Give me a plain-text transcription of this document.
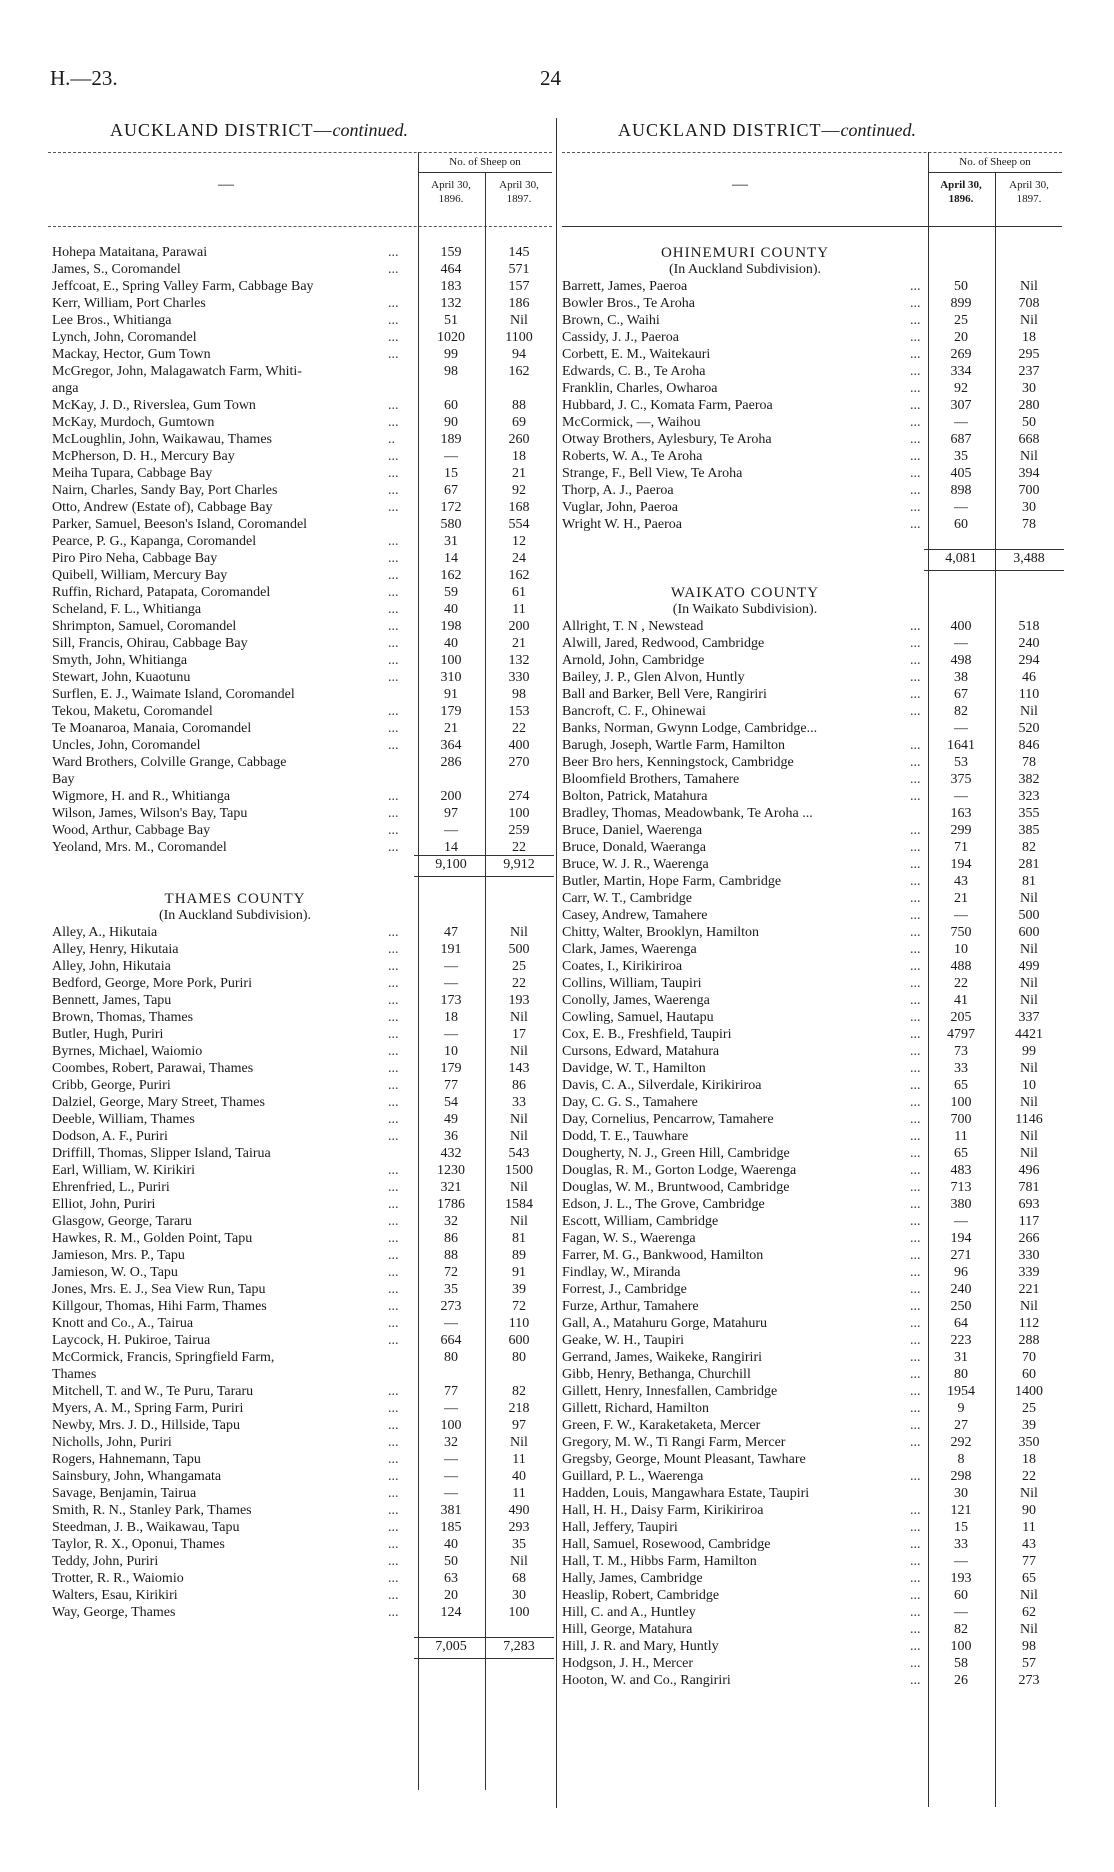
H.—23.	24
AUCKLAND DISTRICT—continued.	AUCKLAND DISTRICT—continued.
No. of Sheep on
April 30,
1896.
April 30,
1897.
—
No. of Sheep on
April 30,
1896.
April 30,
1897.
—
Hohepa Mataitana, Parawai	...	159	145
James, S., Coromandel	...	464	571
Jeffcoat, E., Spring Valley Farm, Cabbage Bay	183	157
Kerr, William, Port Charles	...	132	186
Lee Bros., Whitianga	...	51	Nil
Lynch, John, Coromandel	...	1020	1100
Mackay, Hector, Gum Town	...	99	94
McGregor, John, Malagawatch Farm, Whiti-	98	162
anga
McKay, J. D., Riverslea, Gum Town	...	60	88
McKay, Murdoch, Gumtown	...	90	69
McLoughlin, John, Waikawau, Thames	..	189	260
McPherson, D. H., Mercury Bay	...	—	18
Meiha Tupara, Cabbage Bay	...	15	21
Nairn, Charles, Sandy Bay, Port Charles	...	67	92
Otto, Andrew (Estate of), Cabbage Bay	...	172	168
Parker, Samuel, Beeson's Island, Coromandel	580	554
Pearce, P. G., Kapanga, Coromandel	...	31	12
Piro Piro Neha, Cabbage Bay	...	14	24
Quibell, William, Mercury Bay	...	162	162
Ruffin, Richard, Patapata, Coromandel	...	59	61
Scheland, F. L., Whitianga	...	40	11
Shrimpton, Samuel, Coromandel	...	198	200
Sill, Francis, Ohirau, Cabbage Bay	...	40	21
Smyth, John, Whitianga	...	100	132
Stewart, John, Kuaotunu	...	310	330
Surflen, E. J., Waimate Island, Coromandel	91	98
Tekou, Maketu, Coromandel	...	179	153
Te Moanaroa, Manaia, Coromandel	...	21	22
Uncles, John, Coromandel	...	364	400
Ward Brothers, Colville Grange, Cabbage	286	270
Bay
Wigmore, H. and R., Whitianga	...	200	274
Wilson, James, Wilson's Bay, Tapu	...	97	100
Wood, Arthur, Cabbage Bay	...	—	259
Yeoland, Mrs. M., Coromandel	...	14	22
9,100	9,912
THAMES COUNTY
(In Auckland Subdivision).
Alley, A., Hikutaia	...	47	Nil
Alley, Henry, Hikutaia	...	191	500
Alley, John, Hikutaia	...	—	25
Bedford, George, More Pork, Puriri	...	—	22
Bennett, James, Tapu	...	173	193
Brown, Thomas, Thames	...	18	Nil
Butler, Hugh, Puriri	...	—	17
Byrnes, Michael, Waiomio	...	10	Nil
Coombes, Robert, Parawai, Thames	...	179	143
Cribb, George, Puriri	...	77	86
Dalziel, George, Mary Street, Thames	...	54	33
Deeble, William, Thames	...	49	Nil
Dodson, A. F., Puriri	...	36	Nil
Driffill, Thomas, Slipper Island, Tairua	432	543
Earl, William, W. Kirikiri	...	1230	1500
Ehrenfried, L., Puriri	...	321	Nil
Elliot, John, Puriri	...	1786	1584
Glasgow, George, Tararu	...	32	Nil
Hawkes, R. M., Golden Point, Tapu	...	86	81
Jamieson, Mrs. P., Tapu	...	88	89
Jamieson, W. O., Tapu	...	72	91
Jones, Mrs. E. J., Sea View Run, Tapu	...	35	39
Killgour, Thomas, Hihi Farm, Thames	...	273	72
Knott and Co., A., Tairua	...	—	110
Laycock, H. Pukiroe, Tairua	...	664	600
McCormick, Francis, Springfield Farm,	80	80
Thames
Mitchell, T. and W., Te Puru, Tararu	...	77	82
Myers, A. M., Spring Farm, Puriri	...	—	218
Newby, Mrs. J. D., Hillside, Tapu	...	100	97
Nicholls, John, Puriri	...	32	Nil
Rogers, Hahnemann, Tapu	...	—	11
Sainsbury, John, Whangamata	...	—	40
Savage, Benjamin, Tairua	...	—	11
Smith, R. N., Stanley Park, Thames	...	381	490
Steedman, J. B., Waikawau, Tapu	...	185	293
Taylor, R. X., Oponui, Thames	...	40	35
Teddy, John, Puriri	...	50	Nil
Trotter, R. R., Waiomio	...	63	68
Walters, Esau, Kirikiri	...	20	30
Way, George, Thames	...	124	100
7,005	7,283
OHINEMURI COUNTY
(In Auckland Subdivision).
Barrett, James, Paeroa	...	50	Nil
Bowler Bros., Te Aroha	...	899	708
Brown, C., Waihi	...	25	Nil
Cassidy, J. J., Paeroa	...	20	18
Corbett, E. M., Waitekauri	...	269	295
Edwards, C. B., Te Aroha	...	334	237
Franklin, Charles, Owharoa	...	92	30
Hubbard, J. C., Komata Farm, Paeroa	...	307	280
McCormick, —, Waihou	...	—	50
Otway Brothers, Aylesbury, Te Aroha	...	687	668
Roberts, W. A., Te Aroha	...	35	Nil
Strange, F., Bell View, Te Aroha	...	405	394
Thorp, A. J., Paeroa	...	898	700
Vuglar, John, Paeroa	...	—	30
Wright W. H., Paeroa	...	60	78
4,081	3,488
WAIKATO COUNTY
(In Waikato Subdivision).
Allright, T. N , Newstead	...	400	518
Alwill, Jared, Redwood, Cambridge	...	—	240
Arnold, John, Cambridge	...	498	294
Bailey, J. P., Glen Alvon, Huntly	...	38	46
Ball and Barker, Bell Vere, Rangiriri	...	67	110
Bancroft, C. F., Ohinewai	...	82	Nil
Banks, Norman, Gwynn Lodge, Cambridge...	—	520
Barugh, Joseph, Wartle Farm, Hamilton	...	1641	846
Beer Bro hers, Kenningstock, Cambridge	...	53	78
Bloomfield Brothers, Tamahere	...	375	382
Bolton, Patrick, Matahura	...	—	323
Bradley, Thomas, Meadowbank, Te Aroha ...	163	355
Bruce, Daniel, Waerenga	...	299	385
Bruce, Donald, Waeranga	...	71	82
Bruce, W. J. R., Waerenga	...	194	281
Butler, Martin, Hope Farm, Cambridge	...	43	81
Carr, W. T., Cambridge	...	21	Nil
Casey, Andrew, Tamahere	...	—	500
Chitty, Walter, Brooklyn, Hamilton	...	750	600
Clark, James, Waerenga	...	10	Nil
Coates, I., Kirikiriroa	...	488	499
Collins, William, Taupiri	...	22	Nil
Conolly, James, Waerenga	...	41	Nil
Cowling, Samuel, Hautapu	...	205	337
Cox, E. B., Freshfield, Taupiri	...	4797	4421
Cursons, Edward, Matahura	...	73	99
Davidge, W. T., Hamilton	...	33	Nil
Davis, C. A., Silverdale, Kirikiriroa	...	65	10
Day, C. G. S., Tamahere	...	100	Nil
Day, Cornelius, Pencarrow, Tamahere	...	700	1146
Dodd, T. E., Tauwhare	...	11	Nil
Dougherty, N. J., Green Hill, Cambridge	...	65	Nil
Douglas, R. M., Gorton Lodge, Waerenga	...	483	496
Douglas, W. M., Bruntwood, Cambridge	...	713	781
Edson, J. L., The Grove, Cambridge	...	380	693
Escott, William, Cambridge	...	—	117
Fagan, W. S., Waerenga	...	194	266
Farrer, M. G., Bankwood, Hamilton	...	271	330
Findlay, W., Miranda	...	96	339
Forrest, J., Cambridge	...	240	221
Furze, Arthur, Tamahere	...	250	Nil
Gall, A., Matahuru Gorge, Matahuru	...	64	112
Geake, W. H., Taupiri	...	223	288
Gerrand, James, Waikeke, Rangiriri	...	31	70
Gibb, Henry, Bethanga, Churchill	...	80	60
Gillett, Henry, Innesfallen, Cambridge	...	1954	1400
Gillett, Richard, Hamilton	...	9	25
Green, F. W., Karaketaketa, Mercer	...	27	39
Gregory, M. W., Ti Rangi Farm, Mercer	...	292	350
Gregsby, George, Mount Pleasant, Tawhare	8	18
Guillard, P. L., Waerenga	...	298	22
Hadden, Louis, Mangawhara Estate, Taupiri	30	Nil
Hall, H. H., Daisy Farm, Kirikiriroa	...	121	90
Hall, Jeffery, Taupiri	...	15	11
Hall, Samuel, Rosewood, Cambridge	...	33	43
Hall, T. M., Hibbs Farm, Hamilton	...	—	77
Hally, James, Cambridge	...	193	65
Heaslip, Robert, Cambridge	...	60	Nil
Hill, C. and A., Huntley	...	—	62
Hill, George, Matahura	...	82	Nil
Hill, J. R. and Mary, Huntly	...	100	98
Hodgson, J. H., Mercer	...	58	57
Hooton, W. and Co., Rangiriri	...	26	273
